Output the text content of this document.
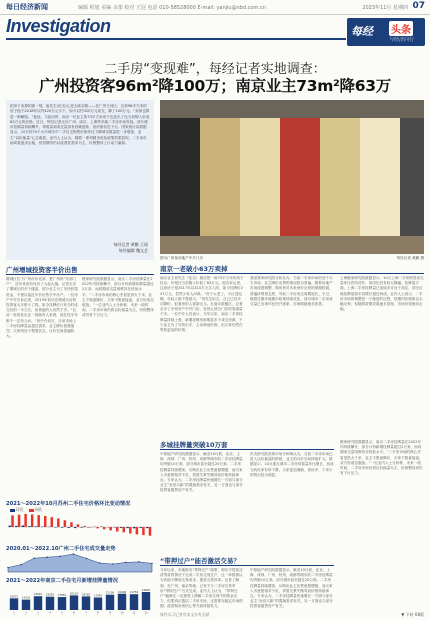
每日经济新闻	编辑 程旭 美编 余蕾 校对 王冠 电话 010-58528000 E-mail: yanjiu@nbd.com.cn	2023年11月 星期四 07
Investigation	每经 头条
与经济同行
二手房“变现难”，每经记者实地调查：
广州投资客96m²降100万；南京业主73m²降63万
把房子卖掉的那一刻，唐先生(化名)心里五味杂陈——在广州天河区，这套96平方米的房子他于2018年以约420万元买下，如今以约320万元成交，降了100万元。“卖掉也算是一种解脱。”他说。与此同时，南京一位业主的73平方米房子也挂出了比当初购入价低63万元的价格。近日，每经记者走访广州、南京、上海等多地二手房市场发现，部分城市挂牌量持续攀升，带看量和成交量虽有回暖迹象，但价格仍在下行。国家统计局数据显示，10月份70个大中城市中二手住宅销售价格环比下降城市数量进一步增加，业主“以价换量”心态明显。业内人士认为，随着一系列楼市优化政策效果显现，二手房市场或将逐步企稳，但短期内仍以改善性需求为主，价格整体上行动力偏弱。
每经记者 黄鹏 王瑶
每经编辑 魏文艺
图为广州某房地产中介门店	每经记者 黄鹏 摄
广州增城投资客半价出售
增城区位于广州市东北部，是广州的“东部门户”，近年来房价经历了大起大落。记者走访了增城区的多个楼盘，部分业主为了尽快回笼资金，不惜以接近半价出售手中房产。一位房产中介告诉记者，2019年前后在增城买房的投资客大多都亏了钱，如今挂牌价只有当时成交价的一半左右，但询盘的人仍然不多。“以前一套房挂出去一周就有人来看，现在挂半年都不一定有人问。”该中介坦言，目前市场上二手房挂牌量远超过需求，业主降价意愿强烈，买家则处于观望状态，议价空间普遍较大。
链家研究院数据显示，南京二手房挂牌量在2022年内持续攀升，部分月份新增挂牌量超过2万套，而同期成交量则维持在较低水平。“二手房市场的核心矛盾是供大于求，业主不愿意降价，买家不愿意接盘，双方形成拉锯战。”一位业内人士分析称，未来一段时间，二手房市场仍将以价换量为主，价格整体或仍有下行压力。
2021～2022年10月苏州二手住宅价格环比变动情况
环比	同比
2020.01～2022.10广州二手住宅成交量走势
2021～2022年南京二手住宅月新增挂牌量情况
16075
1
14310
2
19020
3
18320
4
17850
5
20110
6
18760
7
17240
8
21100
9
22400
10
21750
11
24820
12
南京一老破小63万卖掉
南京业主刘先生（化名）最近把一套73平方米的房子挂出，价格比当初购入价低了63万元。他告诉记者，这套房子是2017年以310万元买入的，如今挂牌价247万元，依然少有人问津。“房子太老了，小区没电梯，年轻人都不愿意买。”刘先生坦言，自己已经多次降价，但看房的人寥寥无几。在南京鼓楼区，记者走访了多家房产中介门店，发现大部分门店的客流量不多。一位中介人员表示，今年以来，南京二手房挂牌量持续上涨，新增挂牌房源明显多于成交房源，不少业主为了尽快出手，主动调低价格，但买家仍然在等待更低的价格。
我爱我家研究院分析认为，当前二手房市场仍处于买方市场，业主降价出售的情况较为普遍。随着房地产市场深度调整，购房者对未来房价走势的预期较弱，普遍持观望态度，导致二手房成交周期延长。不过，随着近期多地楼市政策持续优化，部分城市二手房成交量已出现环比回升迹象，市场情绪逐步改善。
上海链家研究院数据显示，10月上海二手房网签成交量环比有所回升，但同比仍有较大降幅。挂牌量方面，上海二手房挂牌量已连续多月处于高位，部分区域挂牌量较年初增长超过两成。业内人士表示，二手房市场的调整是一个渐进的过程，短期内价格难以大幅反弹，但随着政策效果逐步显现，市场有望逐步企稳。
多城挂牌量突破10万套
中原地产研究院数据显示，截至10月底，北京、上海、深圳、广州、杭州、成都等城市的二手房挂牌量均突破10万套，部分城市甚至超过20万套。二手房挂牌量持续增加，反映出业主出售意愿增强，而买家入市意愿相对不足，供需关系失衡导致价格持续承压。专家认为，二手房挂牌量快速增长一方面与部分业主“卖旧买新”的置换需求有关，另一方面也与部分投资客抛售房产有关。
贝壳研究院首席市场分析师认为，当前二手房市场已进入以价换量的阶段，业主的议价空间持续扩大。数据显示，10月重点城市二手房带看量环比增长，但成交转化率有所下降，买家更加谨慎，看房多、下单少的特点较为明显。
链家研究院数据显示，南京二手房挂牌量在2022年内持续攀升，部分月份新增挂牌量超过2万套，而同期成交量则维持在较低水平。“二手房市场的核心矛盾是供大于求，业主不愿意降价，买家不愿意接盘，双方形成拉锯战。”一位业内人士分析称，未来一段时间，二手房市场仍将以价换量为主，价格整体或仍有下行压力。
“带押过户”能否激活交易？
今年以来，多地推出“带押过户”政策，即在不提前还清贷款的情况下完成二手房交易过户，这一举措被认为有助于降低交易成本、提高交易效率。记者了解到，在广州、南京等地，已有不少二手房交易采用“带押过户”方式完成。业内人士认为，“带押过户”能够在一定程度上缓解二手房交易中的资金压力，但要真正激活二手房市场，还需要在稳定市场预期、改善购房者信心等方面持续发力。
中原地产研究院数据显示，截至10月底，北京、上海、深圳、广州、杭州、成都等城市的二手房挂牌量均突破10万套，部分城市甚至超过20万套。二手房挂牌量持续增加，反映出业主出售意愿增强，而买家入市意愿相对不足，供需关系失衡导致价格持续承压。专家认为，二手房挂牌量快速增长一方面与部分业主“卖旧买新”的置换需求有关，另一方面也与部分投资客抛售房产有关。
每经实习记者对本文亦有贡献	▼ 下转 08版
